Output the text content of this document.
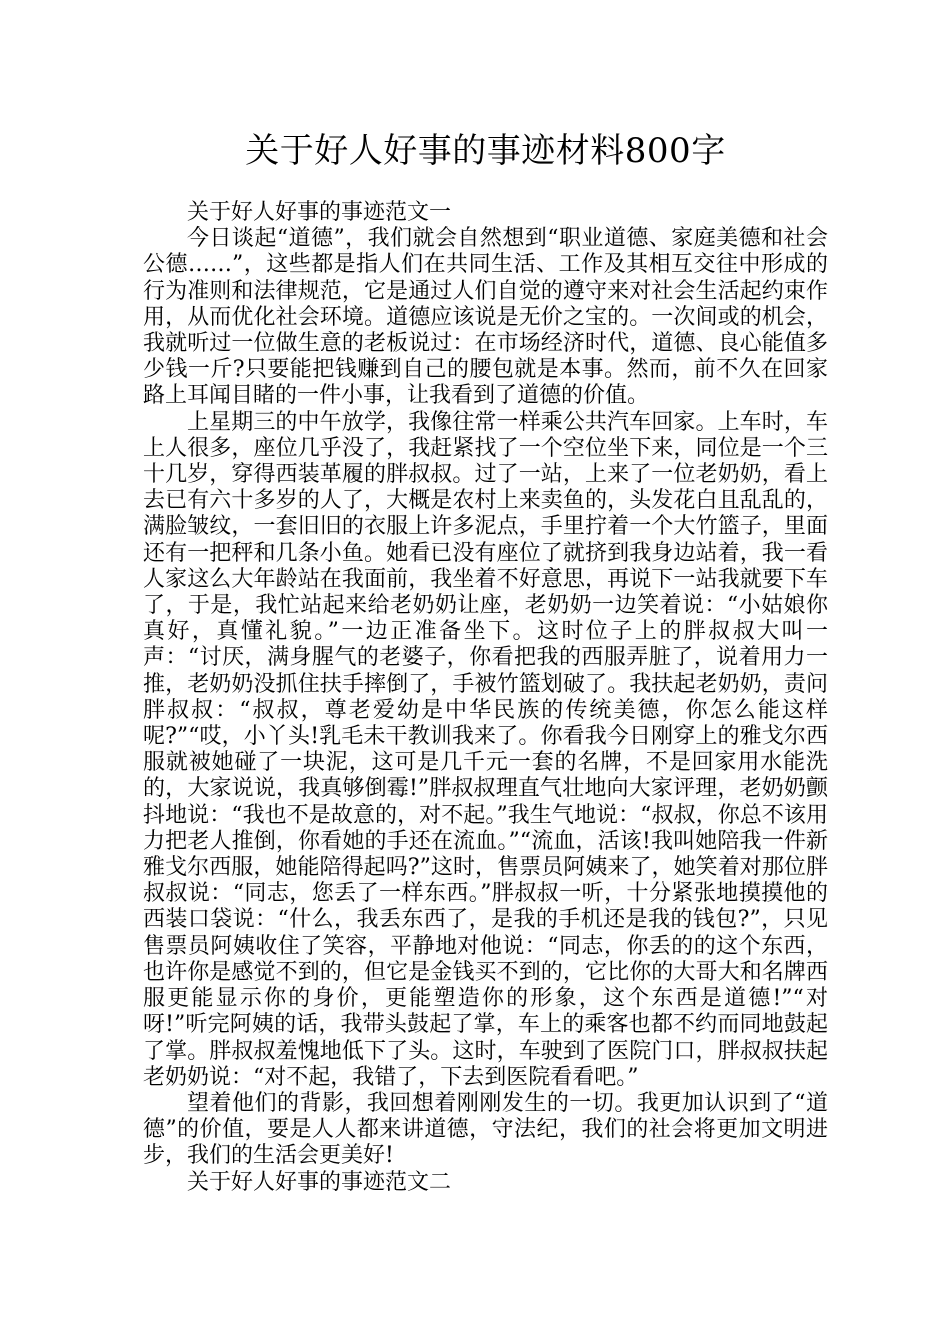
关于好人好事的事迹材料800字

关于好人好事的事迹范文一

今日谈起“道德”，我们就会自然想到“职业道德、家庭美德和社会公德……”，这些都是指人们在共同生活、工作及其相互交往中形成的行为准则和法律规范，它是通过人们自觉的遵守来对社会生活起约束作用，从而优化社会环境。道德应该说是无价之宝的。一次间或的机会，我就听过一位做生意的老板说过：在市场经济时代，道德、良心能值多少钱一斤?只要能把钱赚到自己的腰包就是本事。然而，前不久在回家路上耳闻目睹的一件小事，让我看到了道德的价值。

上星期三的中午放学，我像往常一样乘公共汽车回家。上车时，车上人很多，座位几乎没了，我赶紧找了一个空位坐下来，同位是一个三十几岁，穿得西装革履的胖叔叔。过了一站，上来了一位老奶奶，看上去已有六十多岁的人了，大概是农村上来卖鱼的，头发花白且乱乱的，满脸皱纹，一套旧旧的衣服上许多泥点，手里拧着一个大竹篮子，里面还有一把秤和几条小鱼。她看已没有座位了就挤到我身边站着，我一看人家这么大年龄站在我面前，我坐着不好意思，再说下一站我就要下车了，于是，我忙站起来给老奶奶让座，老奶奶一边笑着说：“小姑娘你真好，真懂礼貌。”一边正准备坐下。这时位子上的胖叔叔大叫一声：“讨厌，满身腥气的老婆子，你看把我的西服弄脏了，说着用力一推，老奶奶没抓住扶手摔倒了，手被竹篮划破了。我扶起老奶奶，责问胖叔叔：“叔叔，尊老爱幼是中华民族的传统美德，你怎么能这样呢?”“哎，小丫头!乳毛未干教训我来了。你看我今日刚穿上的雅戈尔西服就被她碰了一块泥，这可是几千元一套的名牌，不是回家用水能洗的，大家说说，我真够倒霉!”胖叔叔理直气壮地向大家评理，老奶奶颤抖地说：“我也不是故意的，对不起。”我生气地说：“叔叔，你总不该用力把老人推倒，你看她的手还在流血。”“流血，活该!我叫她陪我一件新雅戈尔西服，她能陪得起吗?”这时，售票员阿姨来了，她笑着对那位胖叔叔说：“同志，您丢了一样东西。”胖叔叔一听，十分紧张地摸摸他的西装口袋说：“什么，我丢东西了，是我的手机还是我的钱包?”，只见售票员阿姨收住了笑容，平静地对他说：“同志，你丢的的这个东西，也许你是感觉不到的，但它是金钱买不到的，它比你的大哥大和名牌西服更能显示你的身价，更能塑造你的形象，这个东西是道德!”“对呀!”听完阿姨的话，我带头鼓起了掌，车上的乘客也都不约而同地鼓起了掌。胖叔叔羞愧地低下了头。这时，车驶到了医院门口，胖叔叔扶起老奶奶说：“对不起，我错了，下去到医院看看吧。”

望着他们的背影，我回想着刚刚发生的一切。我更加认识到了“道德”的价值，要是人人都来讲道德，守法纪，我们的社会将更加文明进步，我们的生活会更美好!

关于好人好事的事迹范文二
